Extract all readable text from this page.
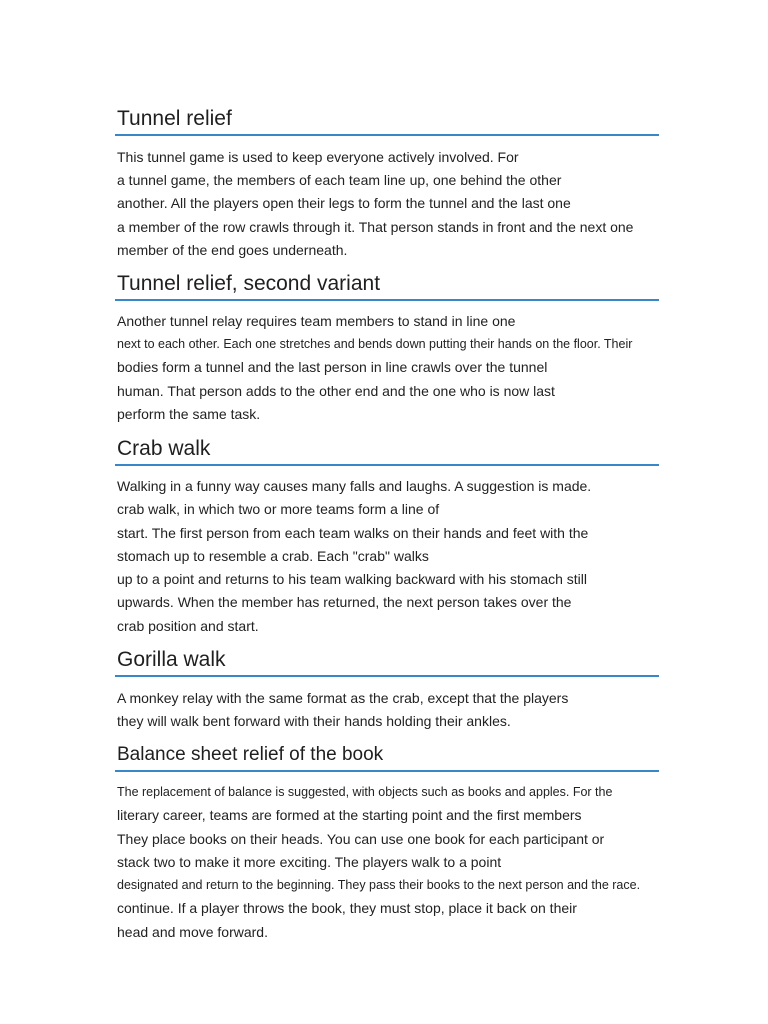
Tunnel relief
This tunnel game is used to keep everyone actively involved. For
a tunnel game, the members of each team line up, one behind the other
another. All the players open their legs to form the tunnel and the last one
a member of the row crawls through it. That person stands in front and the next one
member of the end goes underneath.
Tunnel relief, second variant
Another tunnel relay requires team members to stand in line one
next to each other. Each one stretches and bends down putting their hands on the floor. Their
bodies form a tunnel and the last person in line crawls over the tunnel
human. That person adds to the other end and the one who is now last
perform the same task.
Crab walk
Walking in a funny way causes many falls and laughs. A suggestion is made.
crab walk, in which two or more teams form a line of
start. The first person from each team walks on their hands and feet with the
stomach up to resemble a crab. Each "crab" walks
up to a point and returns to his team walking backward with his stomach still
upwards. When the member has returned, the next person takes over the
crab position and start.
Gorilla walk
A monkey relay with the same format as the crab, except that the players
they will walk bent forward with their hands holding their ankles.
Balance sheet relief of the book
The replacement of balance is suggested, with objects such as books and apples. For the
literary career, teams are formed at the starting point and the first members
They place books on their heads. You can use one book for each participant or
stack two to make it more exciting. The players walk to a point
designated and return to the beginning. They pass their books to the next person and the race.
continue. If a player throws the book, they must stop, place it back on their
head and move forward.
